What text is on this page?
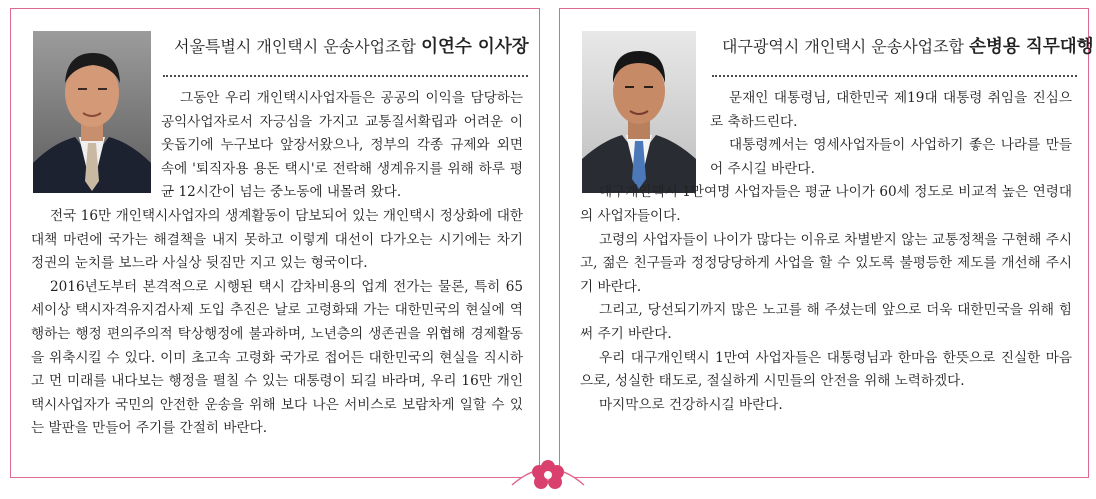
서울특별시 개인택시 운송사업조합 이연수 이사장

그동안 우리 개인택시사업자들은 공공의 이익을 담당하는 공익사업자로서 자긍심을 가지고 교통질서확립과 어려운 이웃돕기에 누구보다 앞장서왔으나, 정부의 각종 규제와 외면 속에 '퇴직자용 용돈 택시'로 전락해 생계유지를 위해 하루 평균 12시간이 넘는 중노동에 내몰려 왔다.

전국 16만 개인택시사업자의 생계활동이 담보되어 있는 개인택시 정상화에 대한 대책 마련에 국가는 해결책을 내지 못하고 이렇게 대선이 다가오는 시기에는 차기 정권의 눈치를 보느라 사실상 뒷짐만 지고 있는 형국이다.

2016년도부터 본격적으로 시행된 택시 감차비용의 업계 전가는 물론, 특히 65세이상 택시자격유지검사제 도입 추진은 날로 고령화돼 가는 대한민국의 현실에 역행하는 행정 편의주의적 탁상행정에 불과하며, 노년층의 생존권을 위협해 경제활동을 위축시킬 수 있다. 이미 초고속 고령화 국가로 접어든 대한민국의 현실을 직시하고 먼 미래를 내다보는 행정을 펼칠 수 있는 대통령이 되길 바라며, 우리 16만 개인택시사업자가 국민의 안전한 운송을 위해 보다 나은 서비스로 보람차게 일할 수 있는 발판을 만들어 주기를 간절히 바란다.

대구광역시 개인택시 운송사업조합 손병용 직무대행

문재인 대통령님, 대한민국 제19대 대통령 취임을 진심으로 축하드린다.

대통령께서는 영세사업자들이 사업하기 좋은 나라를 만들어 주시길 바란다.

대구개인택시 1만여명 사업자들은 평균 나이가 60세 정도로 비교적 높은 연령대의 사업자들이다.

고령의 사업자들이 나이가 많다는 이유로 차별받지 않는 교통정책을 구현해 주시고, 젊은 친구들과 정정당당하게 사업을 할 수 있도록 불평등한 제도를 개선해 주시기 바란다.

그리고, 당선되기까지 많은 노고를 해 주셨는데 앞으로 더욱 대한민국을 위해 힘써 주기 바란다.

우리 대구개인택시 1만여 사업자들은 대통령님과 한마음 한뜻으로 진실한 마음으로, 성실한 태도로, 절실하게 시민들의 안전을 위해 노력하겠다.

마지막으로 건강하시길 바란다.
